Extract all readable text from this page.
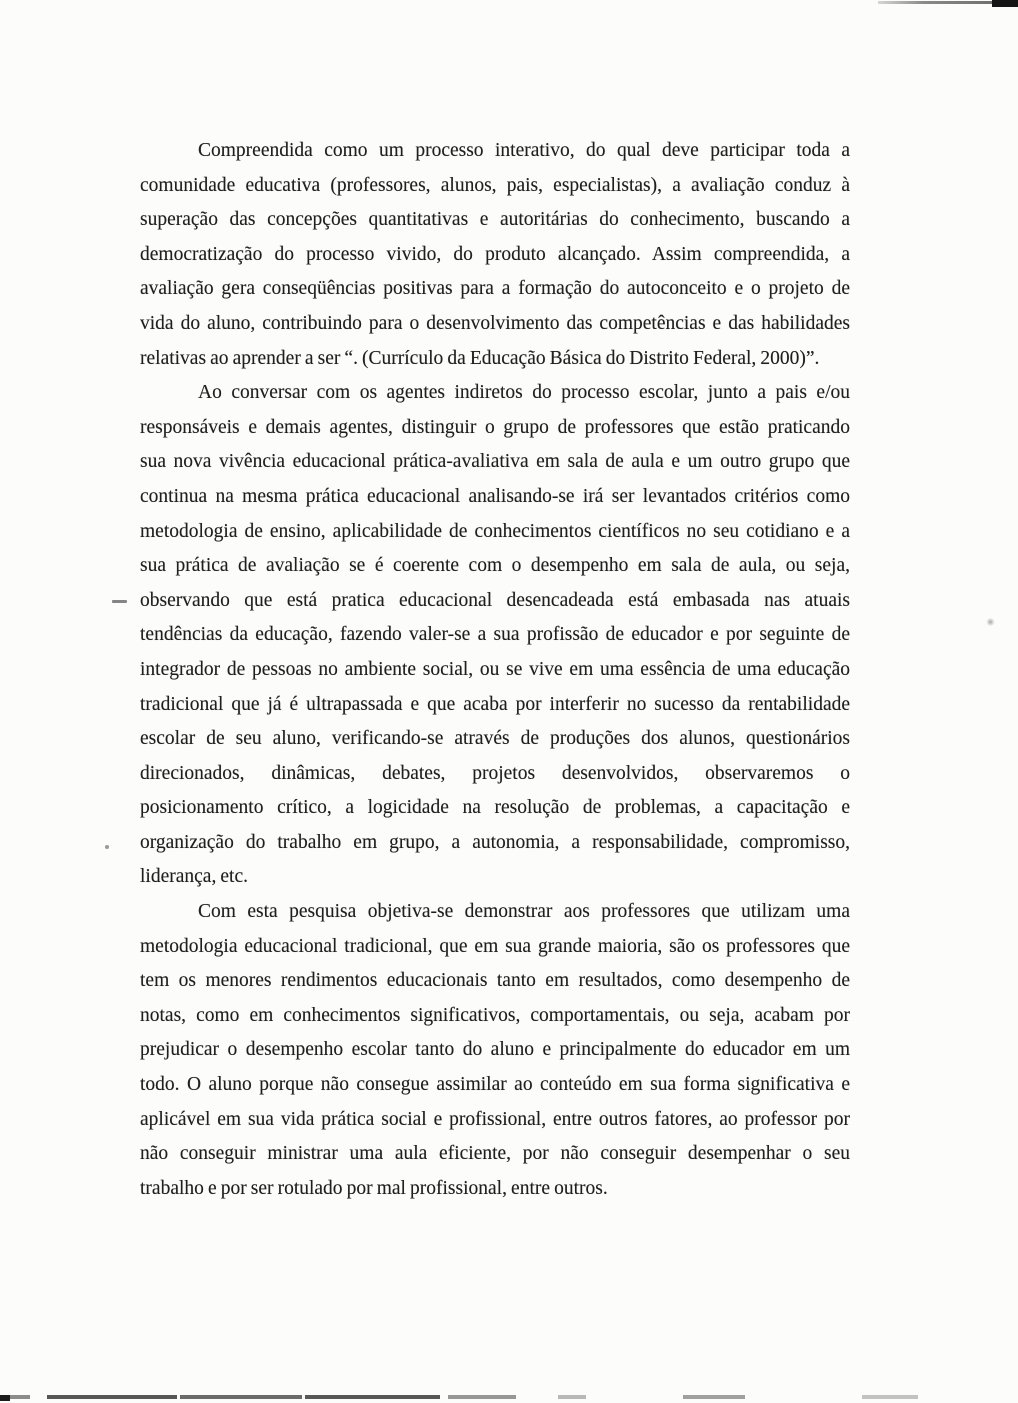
Compreendida como um processo interativo, do qual deve participar toda a
comunidade educativa (professores, alunos, pais, especialistas), a avaliação conduz à
superação das concepções quantitativas e autoritárias do conhecimento, buscando a
democratização do processo vivido, do produto alcançado. Assim compreendida, a
avaliação gera conseqüências positivas para a formação do autoconceito e o projeto de
vida do aluno, contribuindo para o desenvolvimento das competências e das habilidades
relativas ao aprender a ser “. (Currículo da Educação Básica do Distrito Federal, 2000)”.
Ao conversar com os agentes indiretos do processo escolar, junto a pais e/ou
responsáveis e demais agentes, distinguir o grupo de professores que estão praticando
sua nova vivência educacional prática-avaliativa em sala de aula e um outro grupo que
continua na mesma prática educacional analisando-se irá ser levantados critérios como
metodologia de ensino, aplicabilidade de conhecimentos científicos no seu cotidiano e a
sua prática de avaliação se é coerente com o desempenho em sala de aula, ou seja,
observando que está pratica educacional desencadeada está embasada nas atuais
tendências da educação, fazendo valer-se a sua profissão de educador e por seguinte de
integrador de pessoas no ambiente social, ou se vive em uma essência de uma educação
tradicional que já é ultrapassada e que acaba por interferir no sucesso da rentabilidade
escolar de seu aluno, verificando-se através de produções dos alunos, questionários
direcionados, dinâmicas, debates, projetos desenvolvidos, observaremos o
posicionamento crítico, a logicidade na resolução de problemas, a capacitação e
organização do trabalho em grupo, a autonomia, a responsabilidade, compromisso,
liderança, etc.
Com esta pesquisa objetiva-se demonstrar aos professores que utilizam uma
metodologia educacional tradicional, que em sua grande maioria, são os professores que
tem os menores rendimentos educacionais tanto em resultados, como desempenho de
notas, como em conhecimentos significativos, comportamentais, ou seja, acabam por
prejudicar o desempenho escolar tanto do aluno e principalmente do educador em um
todo. O aluno porque não consegue assimilar ao conteúdo em sua forma significativa e
aplicável em sua vida prática social e profissional, entre outros fatores, ao professor por
não conseguir ministrar uma aula eficiente, por não conseguir desempenhar o seu
trabalho e por ser rotulado por mal profissional, entre outros.
